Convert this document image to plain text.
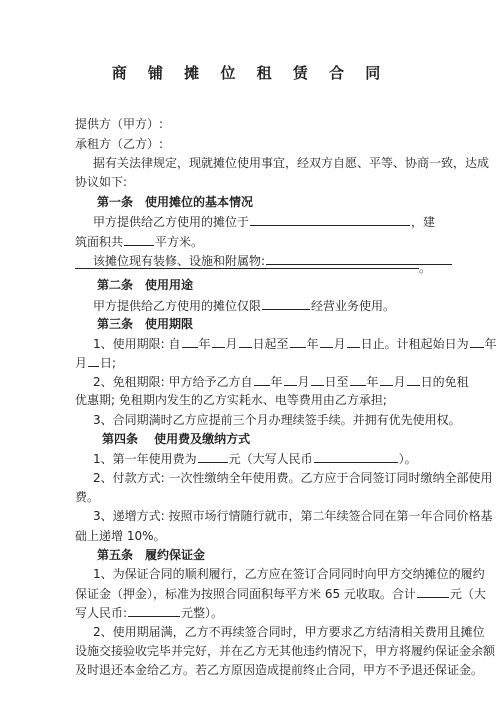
商 铺 摊 位 租 赁 合 同
提供方（甲方）:
承租方（乙方）:
据有关法律规定，现就摊位使用事宜，经双方自愿、平等、协商一致，达成
协议如下:
第一条　使用摊位的基本情况
甲方提供给乙方使用的摊位于	，建
筑面积共	平方米。
该摊位现有装修、设施和附属物:	。
第二条　使用用途
甲方提供给乙方使用的摊位仅限	经营业务使用。
第三条　使用期限
1、使用期限: 自 年 月 日起至 年 月 日止。计租起始日为 年
月 日;
2、免租期限: 甲方给予乙方自 年 月 日至 年 月 日的免租
优惠期; 免租期内发生的乙方实耗水、电等费用由乙方承担;
3、合同期满时乙方应提前三个月办理续签手续。并拥有优先使用权。
第四条　 使用费及缴纳方式
1、第一年使用费为	元（大写人民币	）。
2、付款方式: 一次性缴纳全年使用费。乙方应于合同签订同时缴纳全部使用
费。
3、递增方式: 按照市场行情随行就市，第二年续签合同在第一年合同价格基
础上递增 10%。
第五条　履约保证金
1、为保证合同的顺利履行，乙方应在签订合同同时向甲方交纳摊位的履约
保证金（押金），标准为按照合同面积每平方米 65 元收取。合计	元（大
写人民币:	元整）。
2、使用期届满，乙方不再续签合同时，甲方要求乙方结清相关费用且摊位
设施交接验收完毕并完好，并在乙方无其他违约情况下，甲方将履约保证金余额
及时退还本金给乙方。若乙方原因造成提前终止合同，甲方不予退还保证金。
